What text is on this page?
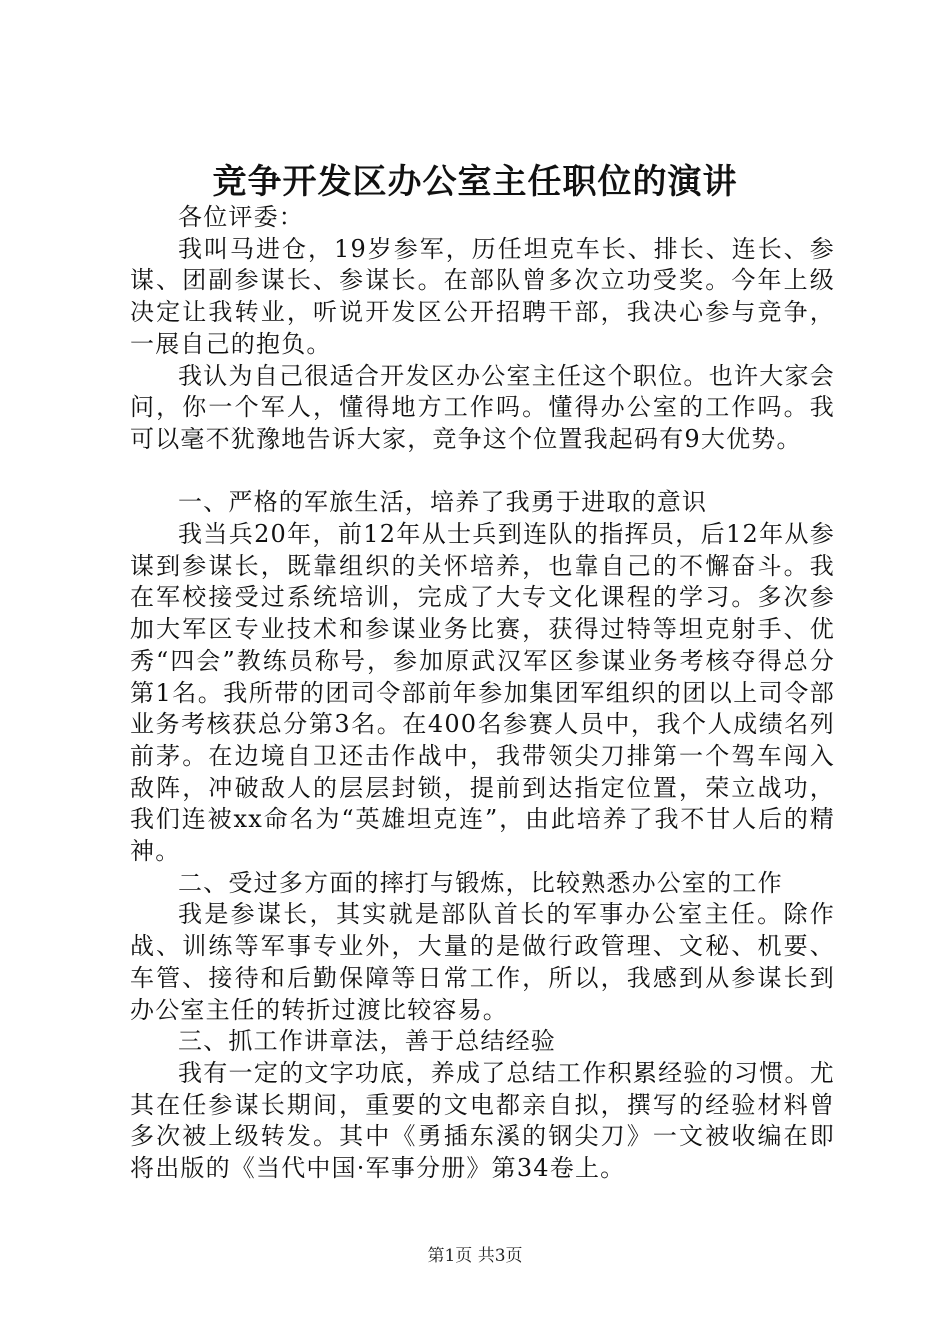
竞争开发区办公室主任职位的演讲

各位评委：

我叫马进仓，19岁参军，历任坦克车长、排长、连长、参谋、团副参谋长、参谋长。在部队曾多次立功受奖。今年上级决定让我转业，听说开发区公开招聘干部，我决心参与竞争，一展自己的抱负。

我认为自己很适合开发区办公室主任这个职位。也许大家会问，你一个军人，懂得地方工作吗。懂得办公室的工作吗。我可以毫不犹豫地告诉大家，竞争这个位置我起码有9大优势。

一、严格的军旅生活，培养了我勇于进取的意识

我当兵20年，前12年从士兵到连队的指挥员，后12年从参谋到参谋长，既靠组织的关怀培养，也靠自己的不懈奋斗。我在军校接受过系统培训，完成了大专文化课程的学习。多次参加大军区专业技术和参谋业务比赛，获得过特等坦克射手、优秀“四会”教练员称号，参加原武汉军区参谋业务考核夺得总分第1名。我所带的团司令部前年参加集团军组织的团以上司令部业务考核获总分第3名。在400名参赛人员中，我个人成绩名列前茅。在边境自卫还击作战中，我带领尖刀排第一个驾车闯入敌阵，冲破敌人的层层封锁，提前到达指定位置，荣立战功，我们连被xx命名为“英雄坦克连”，由此培养了我不甘人后的精神。

二、受过多方面的摔打与锻炼，比较熟悉办公室的工作

我是参谋长，其实就是部队首长的军事办公室主任。除作战、训练等军事专业外，大量的是做行政管理、文秘、机要、车管、接待和后勤保障等日常工作，所以，我感到从参谋长到办公室主任的转折过渡比较容易。

三、抓工作讲章法，善于总结经验

我有一定的文字功底，养成了总结工作积累经验的习惯。尤其在任参谋长期间，重要的文电都亲自拟，撰写的经验材料曾多次被上级转发。其中《勇插东溪的钢尖刀》一文被收编在即将出版的《当代中国·军事分册》第34卷上。

第1页 共3页
